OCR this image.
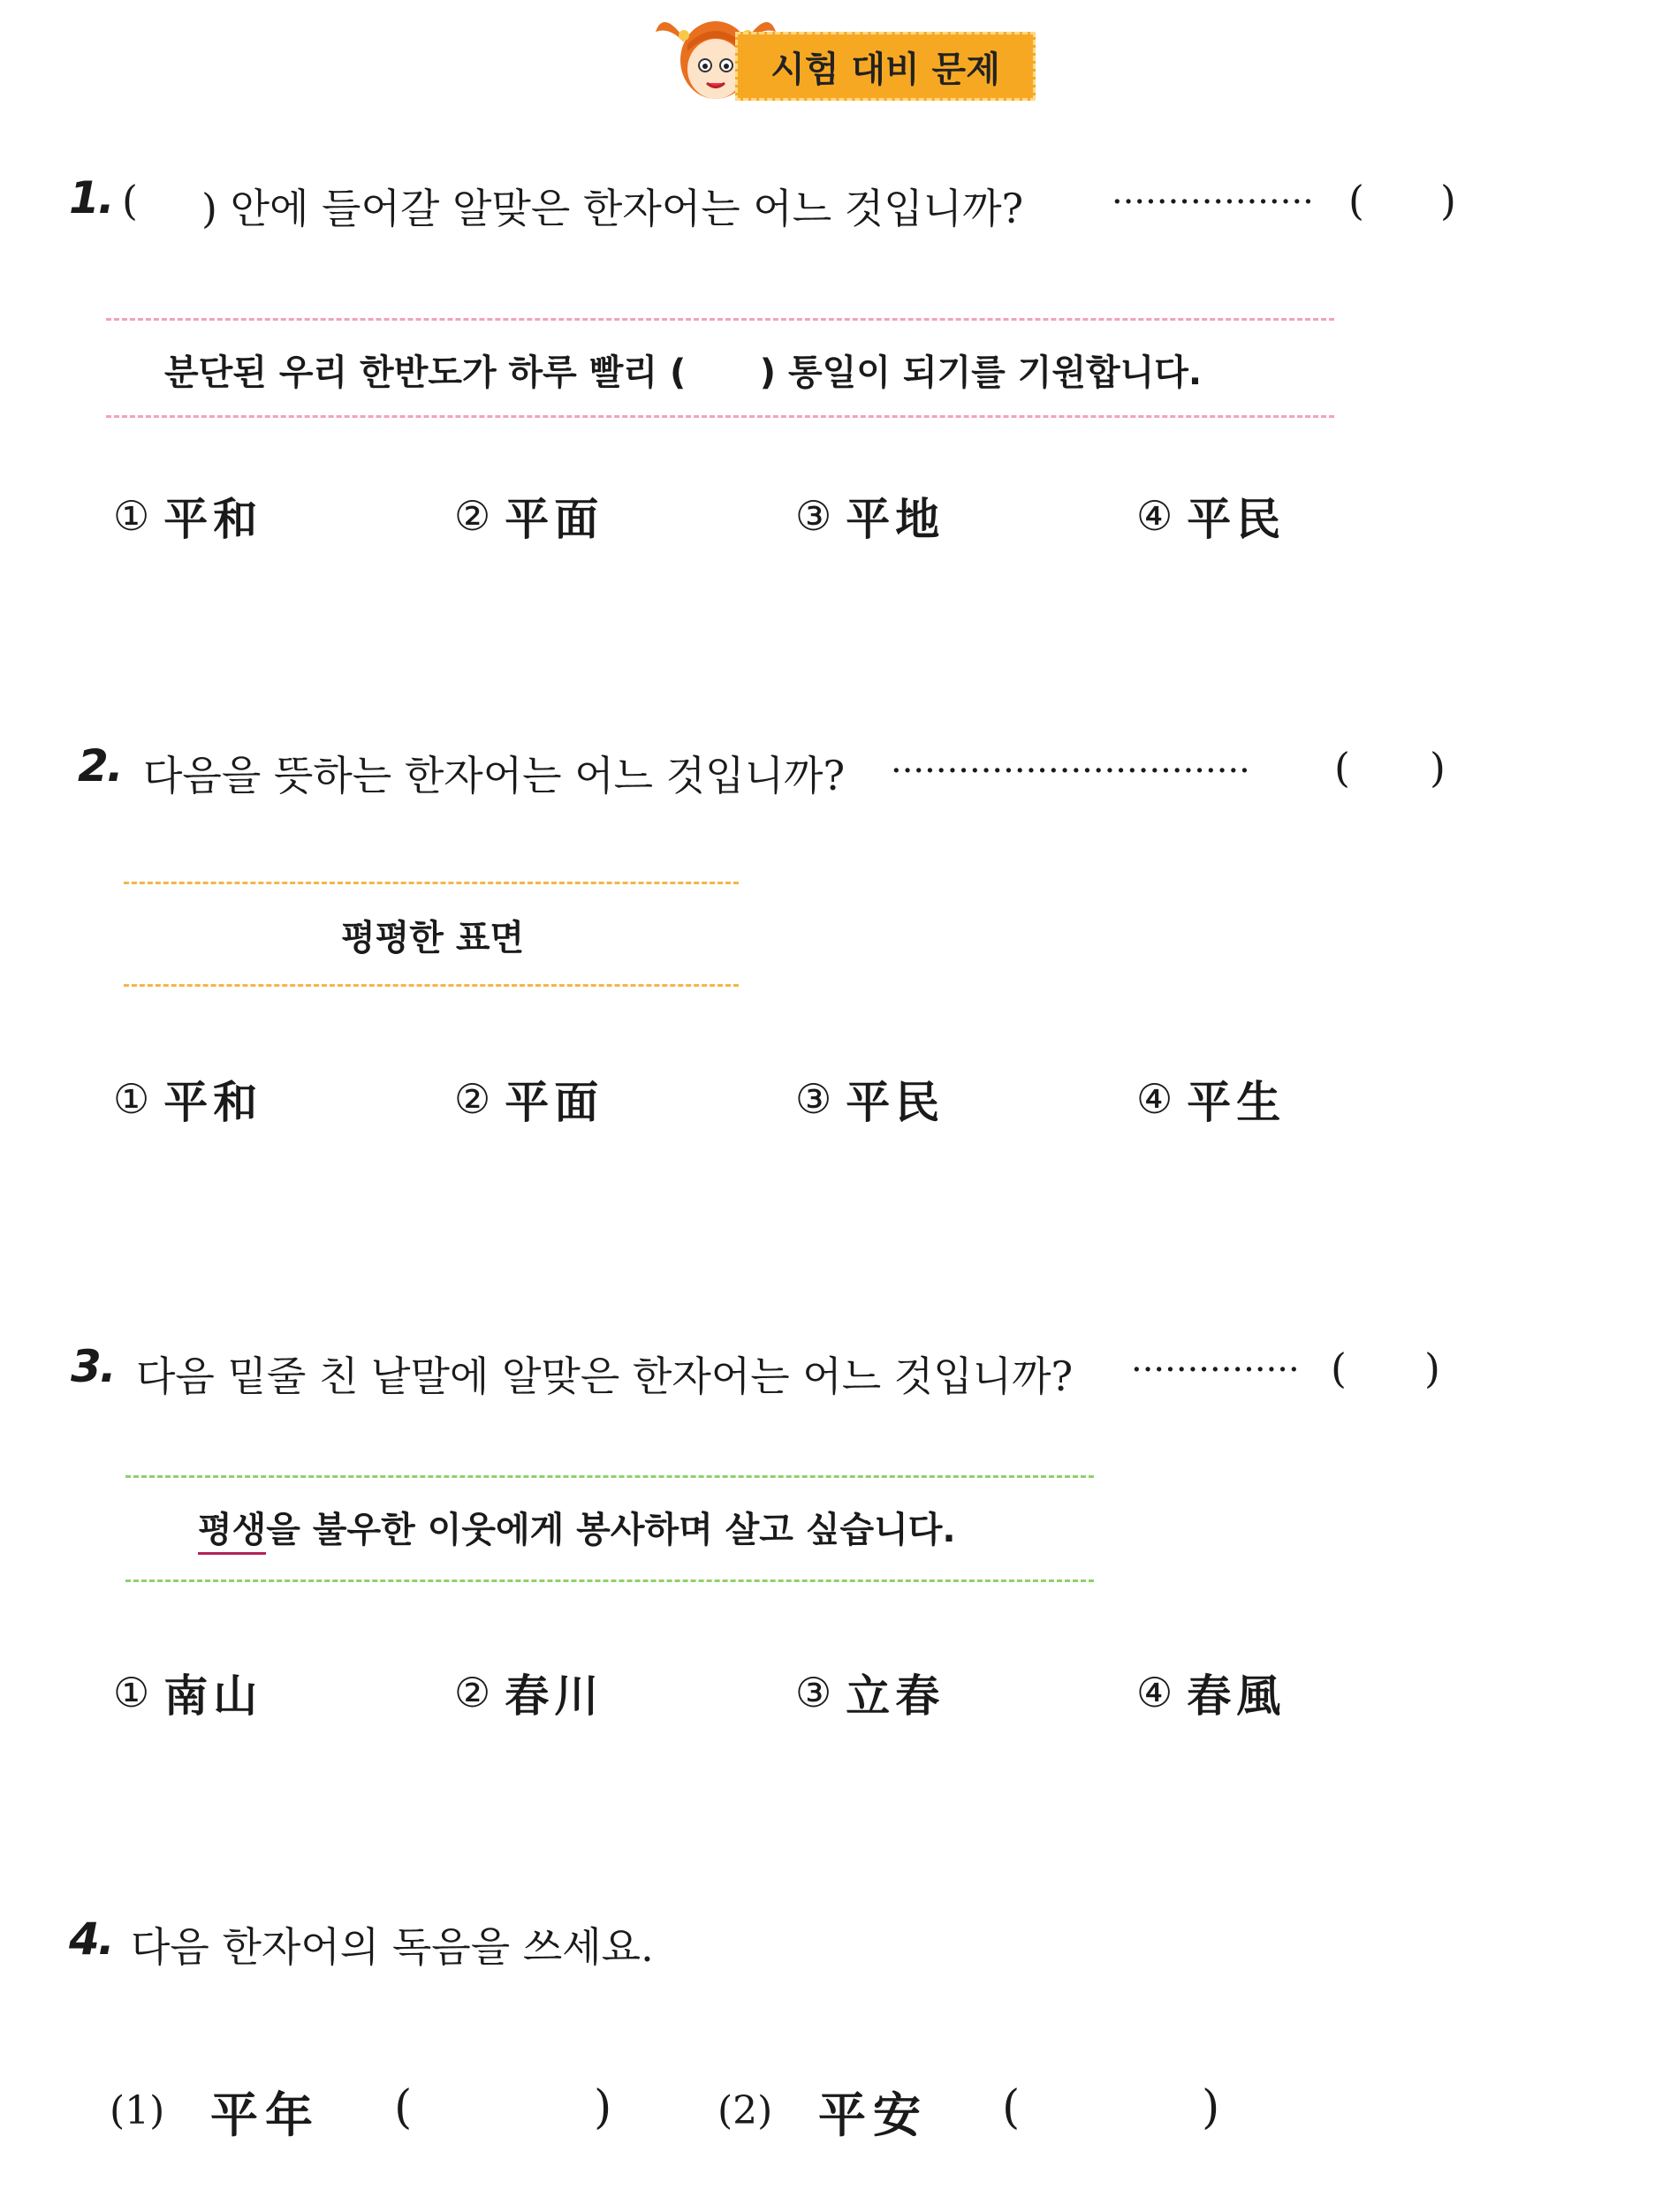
시험 대비 문제
1. ( ) 안에 들어갈 알맞은 한자어는 어느 것입니까? ·················· ( )
분단된 우리 한반도가 하루 빨리 (      ) 통일이 되기를 기원합니다.
① 平和	② 平面	③ 平地	④ 平民
2. 다음을 뜻하는 한자어는 어느 것입니까? ································ ( )
평평한 표면
① 平和	② 平面	③ 平民	④ 平生
3. 다음 밑줄 친 낱말에 알맞은 한자어는 어느 것입니까? ··············· ( )
평생을 불우한 이웃에게 봉사하며 살고 싶습니다.
① 南山	② 春川	③ 立春	④ 春風
4. 다음 한자어의 독음을 쓰세요.
(1) 平年 (	)	(2) 平安 (	)
